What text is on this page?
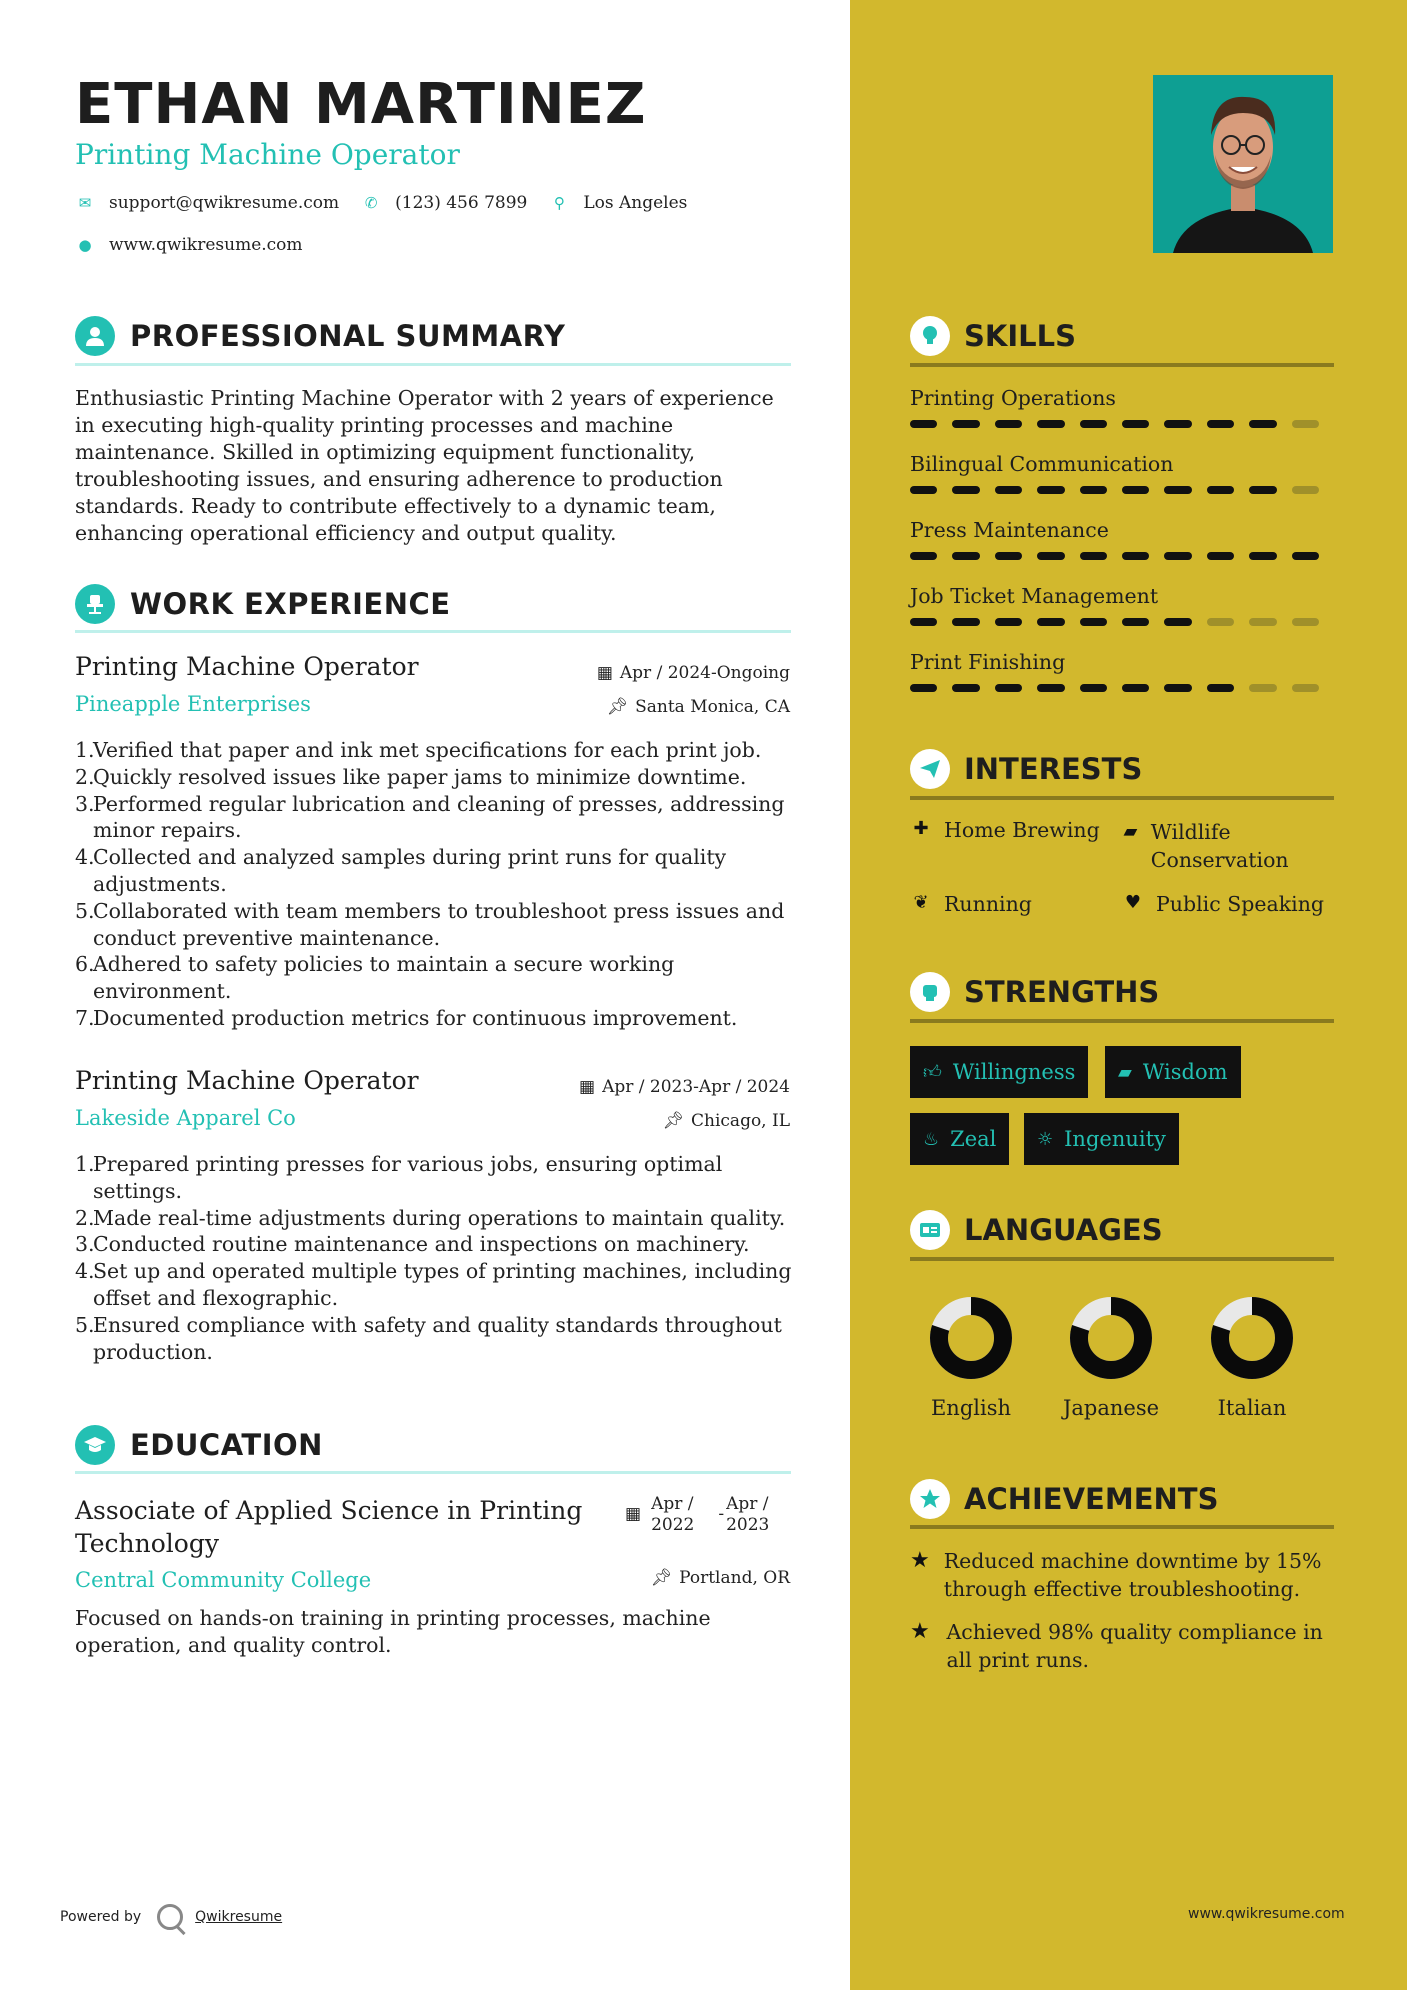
ETHAN MARTINEZ
Printing Machine Operator
✉ support@qwikresume.com ✆ (123) 456 7899	⚲ Los Angeles
● www.qwikresume.com
PROFESSIONAL SUMMARY
Enthusiastic Printing Machine Operator with 2 years of experience in executing high-quality printing processes and machine maintenance. Skilled in optimizing equipment functionality, troubleshooting issues, and ensuring adherence to production standards. Ready to contribute effectively to a dynamic team, enhancing operational efficiency and output quality.
WORK EXPERIENCE
Printing Machine Operator	▦ Apr / 2024-Ongoing
Pineapple Enterprises	📌︎ Santa Monica, CA
Verified that paper and ink met specifications for each print job.
Quickly resolved issues like paper jams to minimize downtime.
Performed regular lubrication and cleaning of presses, addressing minor repairs.
Collected and analyzed samples during print runs for quality adjustments.
Collaborated with team members to troubleshoot press issues and conduct preventive maintenance.
Adhered to safety policies to maintain a secure working environment.
Documented production metrics for continuous improvement.
Printing Machine Operator	▦ Apr / 2023-Apr / 2024
Lakeside Apparel Co	📌︎ Chicago, IL
Prepared printing presses for various jobs, ensuring optimal settings.
Made real-time adjustments during operations to maintain quality.
Conducted routine maintenance and inspections on machinery.
Set up and operated multiple types of printing machines, including offset and flexographic.
Ensured compliance with safety and quality standards throughout production.
EDUCATION
Associate of Applied Science in Printing Technology
▦ Apr /
2022
- Apr /
2023
Central Community College	📌︎ Portland, OR
Focused on hands-on training in printing processes, machine operation, and quality control.
SKILLS
Printing Operations
Bilingual Communication
Press Maintenance
Job Ticket Management
Print Finishing
INTERESTS
✚ Home Brewing ▰ Wildlife Conservation
❦ Running	♥ Public Speaking
STRENGTHS
👍︎ Willingness ▰ Wisdom
♨ Zeal ☼ Ingenuity
LANGUAGES
English	Japanese	Italian
ACHIEVEMENTS
★ Reduced machine downtime by 15% through effective troubleshooting.
★ Achieved 98% quality compliance in all print runs.
Powered by	Qwikresume	www.qwikresume.com
